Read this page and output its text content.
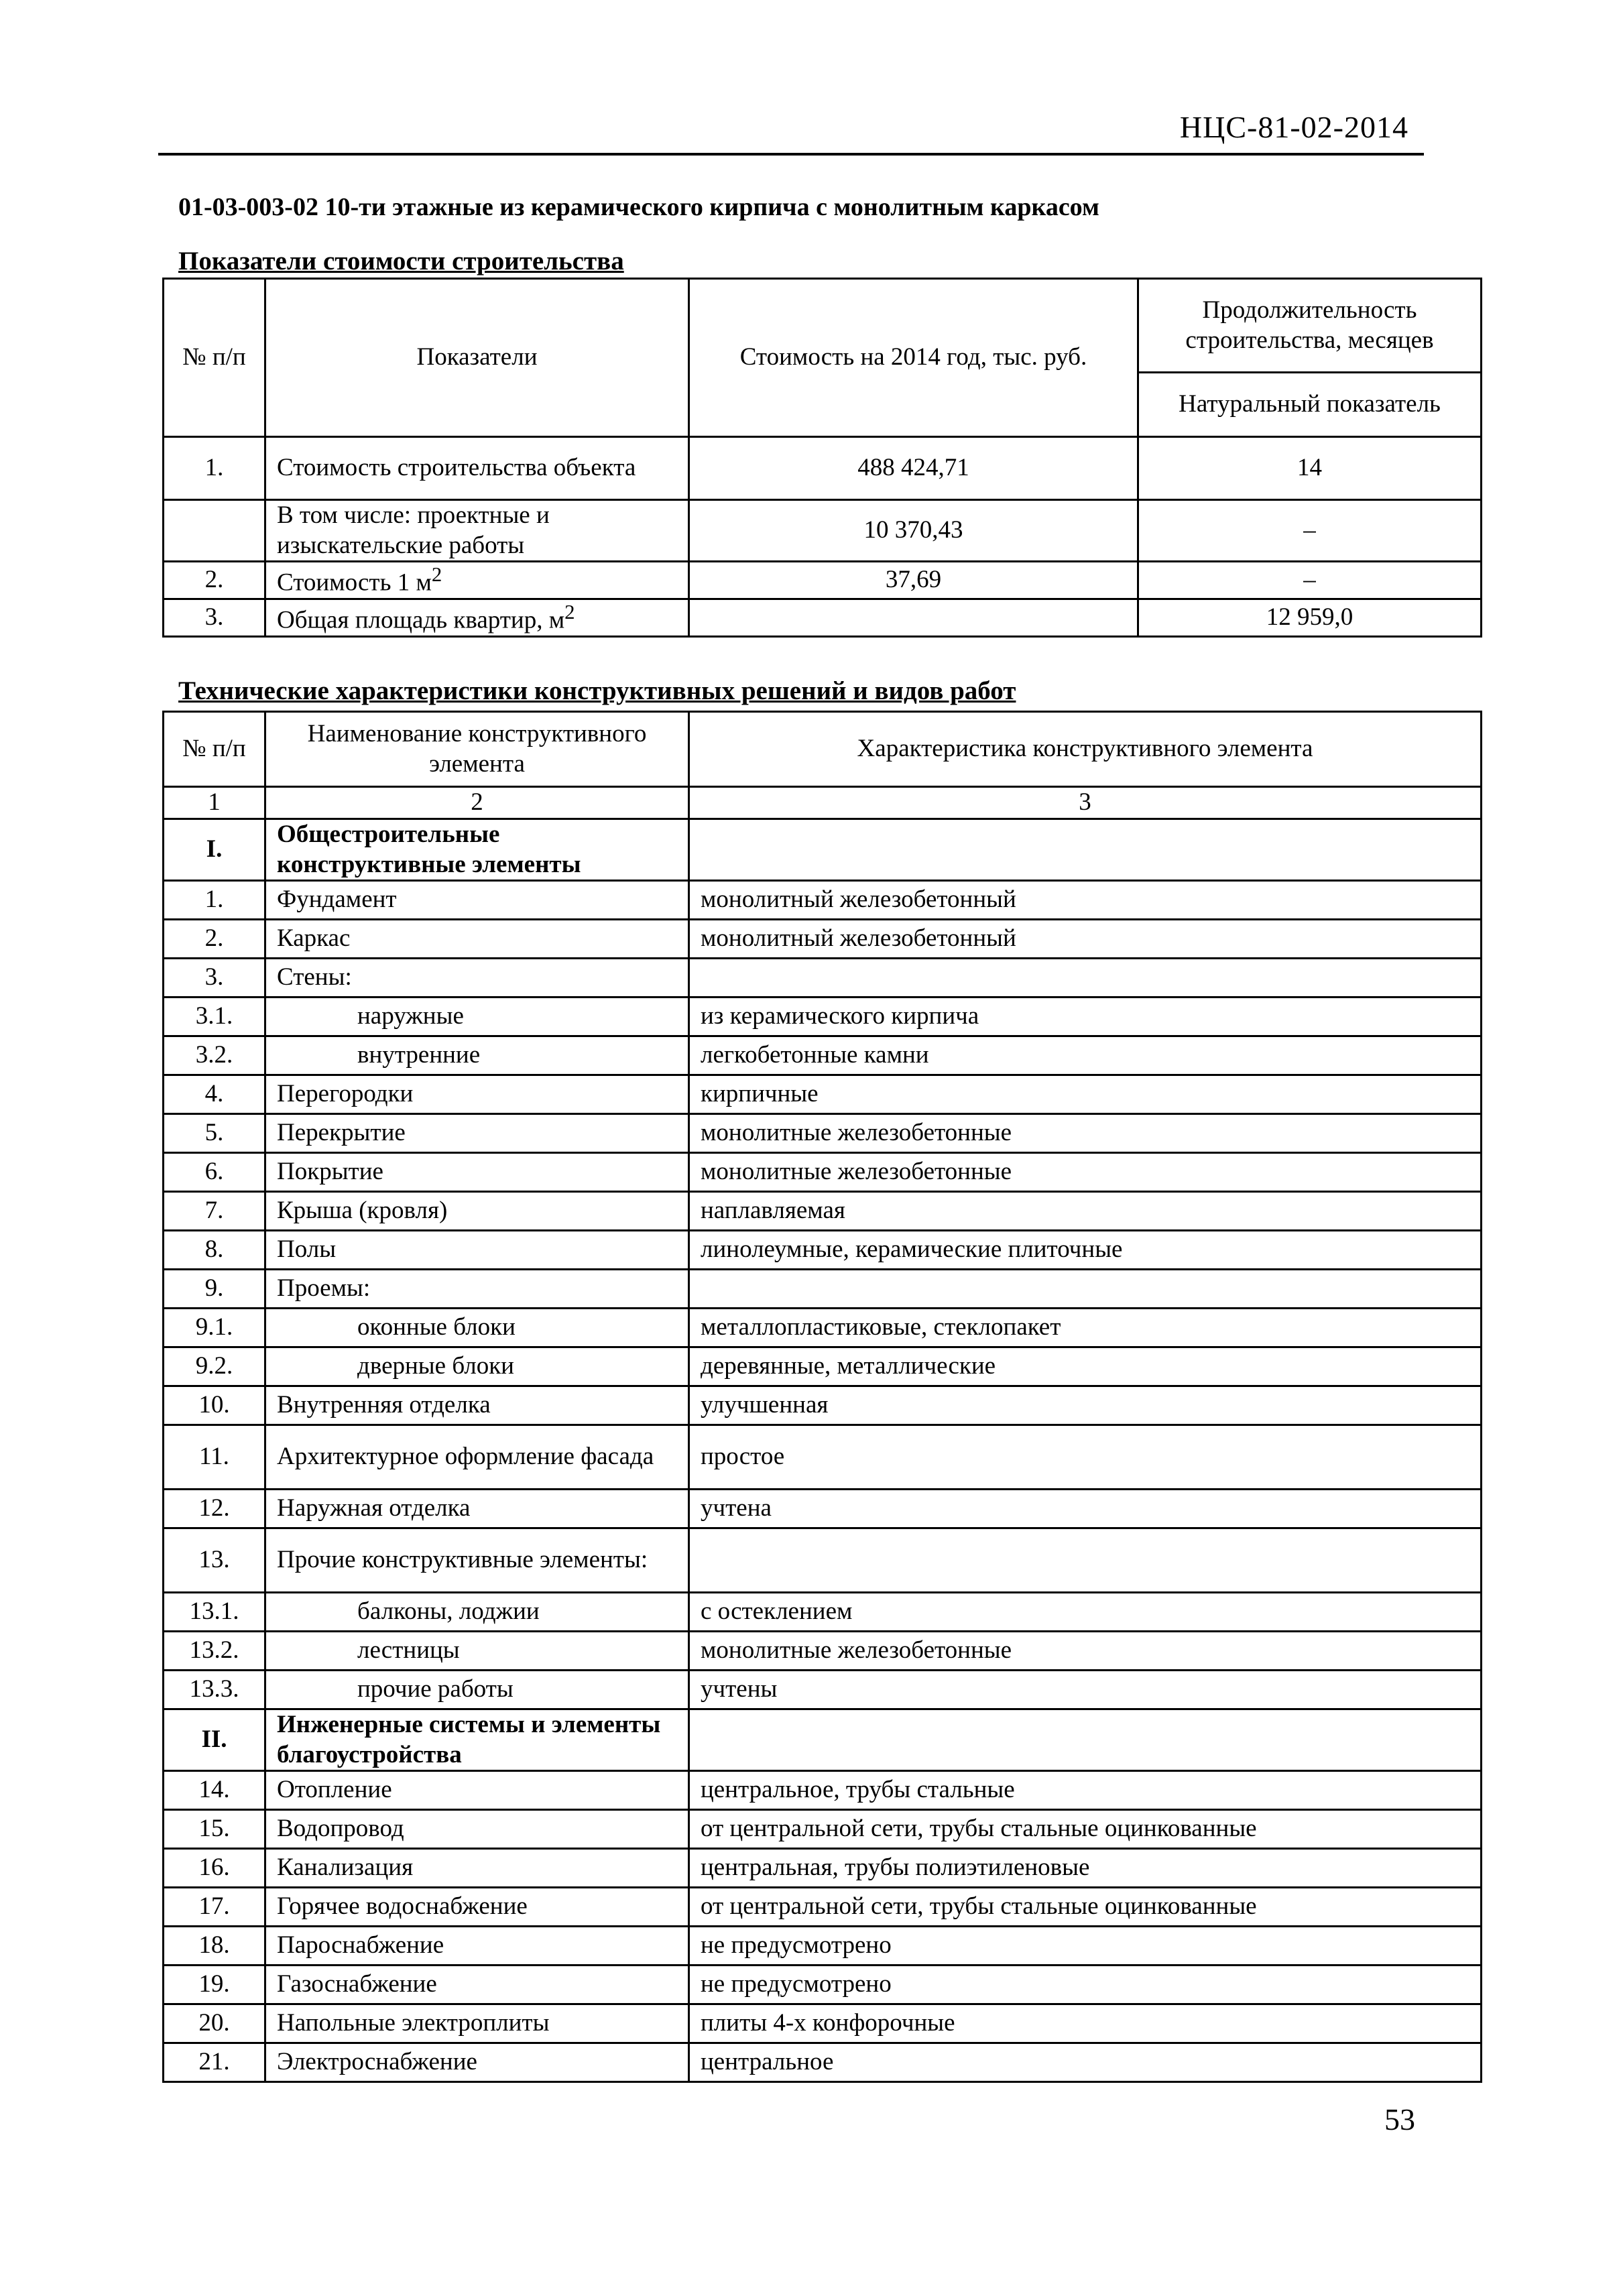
НЦС-81-02-2014
01-03-003-02 10-ти этажные из керамического кирпича с монолитным каркасом
Показатели стоимости строительства
№ п/п	Показатели	Стоимость на 2014 год, тыс. руб.	Продолжительность строительства, месяцев
			Натуральный показатель
1.	Стоимость строительства объекта	488 424,71	14
	В том числе: проектные и изыскательские работы	10 370,43	–
2.	Стоимость 1 $м^2$	37,69	–
3.	Общая площадь квартир, $м^2$		12 959,0
Технические характеристики конструктивных решений и видов работ
№ п/п	Наименование конструктивного элемента	Характеристика конструктивного элемента
1	2	3
I.	Общестроительные конструктивные элементы	
1.	Фундамент	монолитный железобетонный
2.	Каркас	монолитный железобетонный
3.	Стены:	
3.1.	наружные	из керамического кирпича
3.2.	внутренние	легкобетонные камни
4.	Перегородки	кирпичные
5.	Перекрытие	монолитные железобетонные
6.	Покрытие	монолитные железобетонные
7.	Крыша (кровля)	наплавляемая
8.	Полы	линолеумные, керамические плиточные
9.	Проемы:	
9.1.	оконные блоки	металлопластиковые, стеклопакет
9.2.	дверные блоки	деревянные, металлические
10.	Внутренняя отделка	улучшенная
11.	Архитектурное оформление фасада	простое
12.	Наружная отделка	учтена
13.	Прочие конструктивные элементы:	
13.1.	балконы, лоджии	с остеклением
13.2.	лестницы	монолитные железобетонные
13.3.	прочие работы	учтены
II.	Инженерные системы и элементы благоустройства	
14.	Отопление	центральное, трубы стальные
15.	Водопровод	от центральной сети, трубы стальные оцинкованные
16.	Канализация	центральная, трубы полиэтиленовые
17.	Горячее водоснабжение	от центральной сети, трубы стальные оцинкованные
18.	Пароснабжение	не предусмотрено
19.	Газоснабжение	не предусмотрено
20.	Напольные электроплиты	плиты 4-х конфорочные
21.	Электроснабжение	центральное
53
